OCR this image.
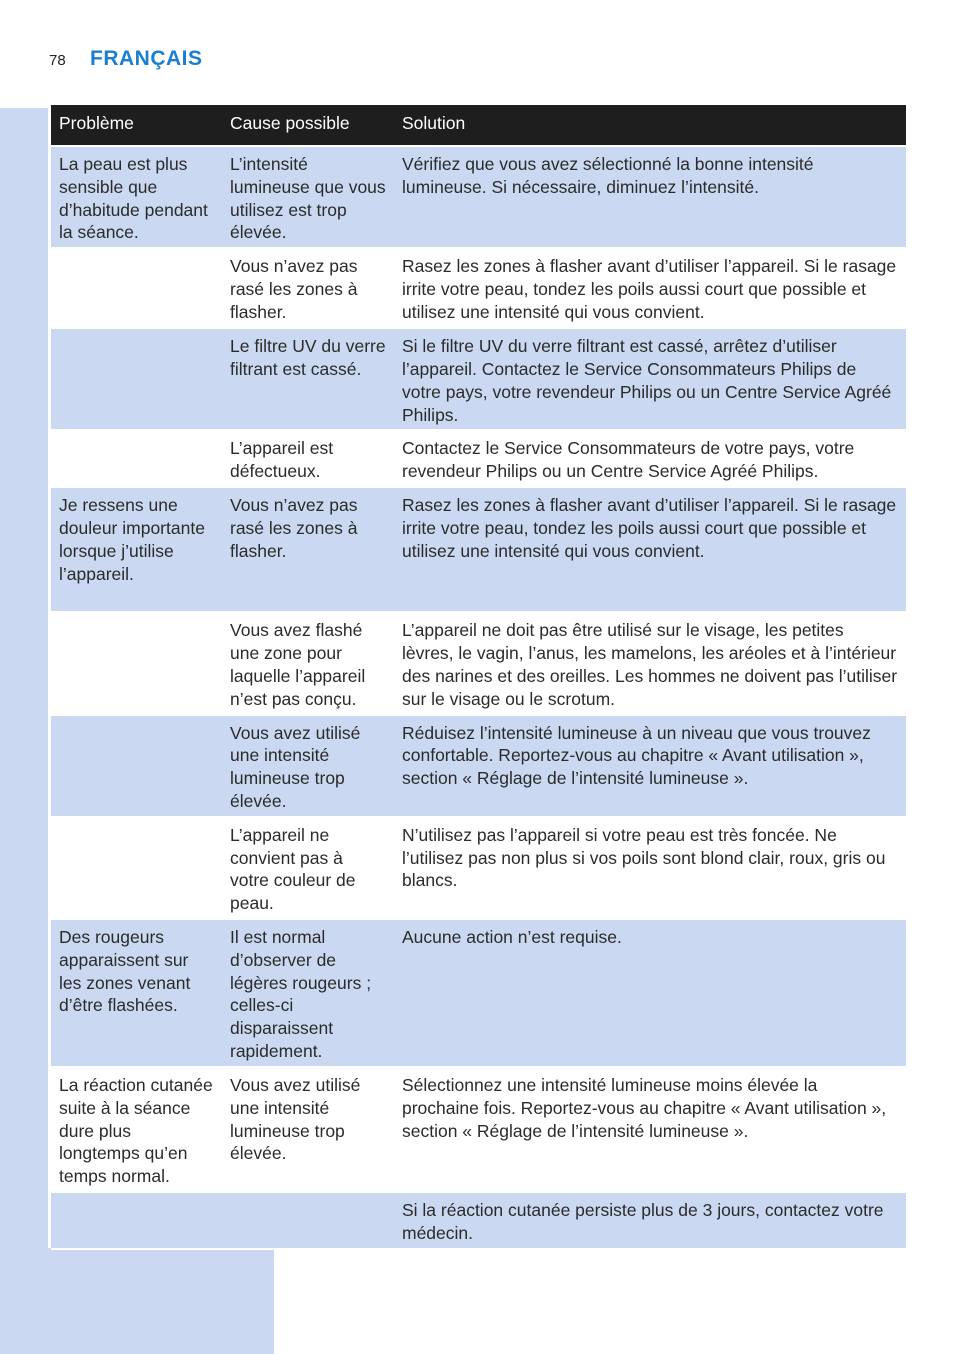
78 FRANÇAIS
Problème	Cause possible	Solution
La peau est plus sensible que d’habitude pendant la séance.	L’intensité lumineuse que vous utilisez est trop élevée.	Vérifiez que vous avez sélectionné la bonne intensité lumineuse. Si nécessaire, diminuez l’intensité.
	Vous n’avez pas rasé les zones à flasher.	Rasez les zones à flasher avant d’utiliser l’appareil. Si le rasage irrite votre peau, tondez les poils aussi court que possible et utilisez une intensité qui vous convient.
	Le filtre UV du verre filtrant est cassé.	Si le filtre UV du verre filtrant est cassé, arrêtez d’utiliser l’appareil. Contactez le Service Consommateurs Philips de votre pays, votre revendeur Philips ou un Centre Service Agréé Philips.
	L’appareil est défectueux.	Contactez le Service Consommateurs de votre pays, votre revendeur Philips ou un Centre Service Agréé Philips.
Je ressens une douleur importante lorsque j’utilise l’appareil.	Vous n’avez pas rasé les zones à flasher.	Rasez les zones à flasher avant d’utiliser l’appareil. Si le rasage irrite votre peau, tondez les poils aussi court que possible et utilisez une intensité qui vous convient.
	Vous avez flashé une zone pour laquelle l’appareil n’est pas conçu.	L’appareil ne doit pas être utilisé sur le visage, les petites lèvres, le vagin, l’anus, les mamelons, les aréoles et à l’intérieur des narines et des oreilles. Les hommes ne doivent pas l’utiliser sur le visage ou le scrotum.
	Vous avez utilisé une intensité lumineuse trop élevée.	Réduisez l’intensité lumineuse à un niveau que vous trouvez confortable. Reportez-vous au chapitre « Avant utilisation », section « Réglage de l’intensité lumineuse ».
	L’appareil ne convient pas à votre couleur de peau.	N’utilisez pas l’appareil si votre peau est très foncée. Ne l’utilisez pas non plus si vos poils sont blond clair, roux, gris ou blancs.
Des rougeurs apparaissent sur les zones venant d’être flashées.	Il est normal d’observer de légères rougeurs ; celles-ci disparaissent rapidement.	Aucune action n’est requise.
La réaction cutanée suite à la séance dure plus longtemps qu’en temps normal.	Vous avez utilisé une intensité lumineuse trop élevée.	Sélectionnez une intensité lumineuse moins élevée la prochaine fois. Reportez-vous au chapitre « Avant utilisation », section « Réglage de l’intensité lumineuse ».
		Si la réaction cutanée persiste plus de 3 jours, contactez votre médecin.
